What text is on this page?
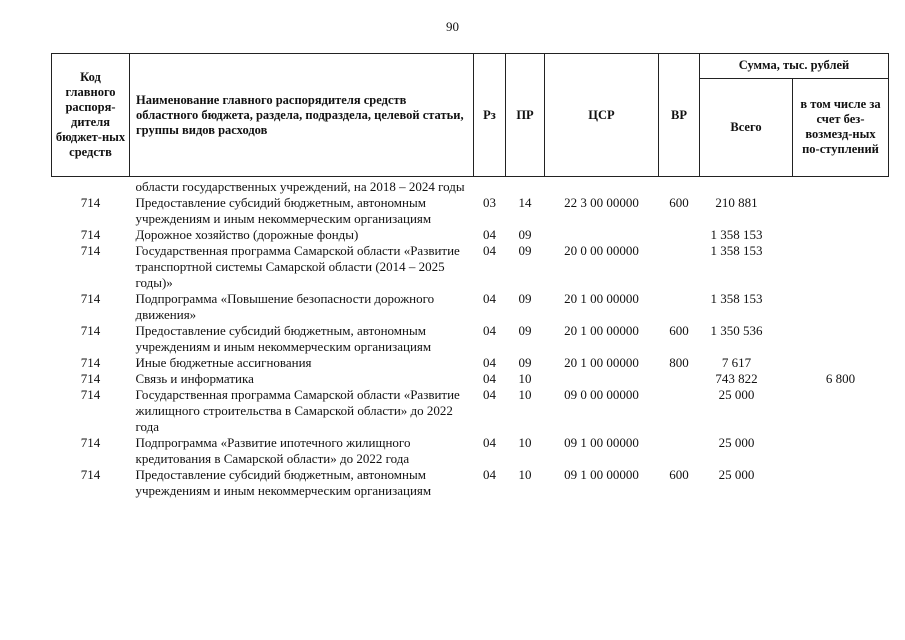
90
Код главного распоря-дителя бюджет-ных средств	Наименование главного распорядителя средств областного бюджета, раздела, подраздела, целевой статьи, группы видов расходов	Рз	ПР	ЦСР	ВР	Сумма, тыс. рублей	
						Всего	в том числе за счет без-возмезд-ных по-ступлений
	области государственных учреждений, на 2018 – 2024 годы						
714	Предоставление субсидий бюджетным, автономным учреждениям и иным некоммерческим организациям	03	14	22 3 00 00000	600	210 881	
714	Дорожное хозяйство (дорожные фонды)	04	09			1 358 153	
714	Государственная программа Самарской области «Развитие транспортной системы Самарской области (2014 – 2025 годы)»	04	09	20 0 00 00000		1 358 153	
714	Подпрограмма «Повышение безопасности дорожного движения»	04	09	20 1 00 00000		1 358 153	
714	Предоставление субсидий бюджетным, автономным учреждениям и иным некоммерческим организациям	04	09	20 1 00 00000	600	1 350 536	
714	Иные бюджетные ассигнования	04	09	20 1 00 00000	800	7 617	
714	Связь и информатика	04	10			743 822	6 800
714	Государственная программа Самарской области «Развитие жилищного строительства в Самарской области» до 2022 года	04	10	09 0 00 00000		25 000	
714	Подпрограмма «Развитие ипотечного жилищного кредитования в Самарской области» до 2022 года	04	10	09 1 00 00000		25 000	
714	Предоставление субсидий бюджетным, автономным учреждениям и иным некоммерческим организациям	04	10	09 1 00 00000	600	25 000	
